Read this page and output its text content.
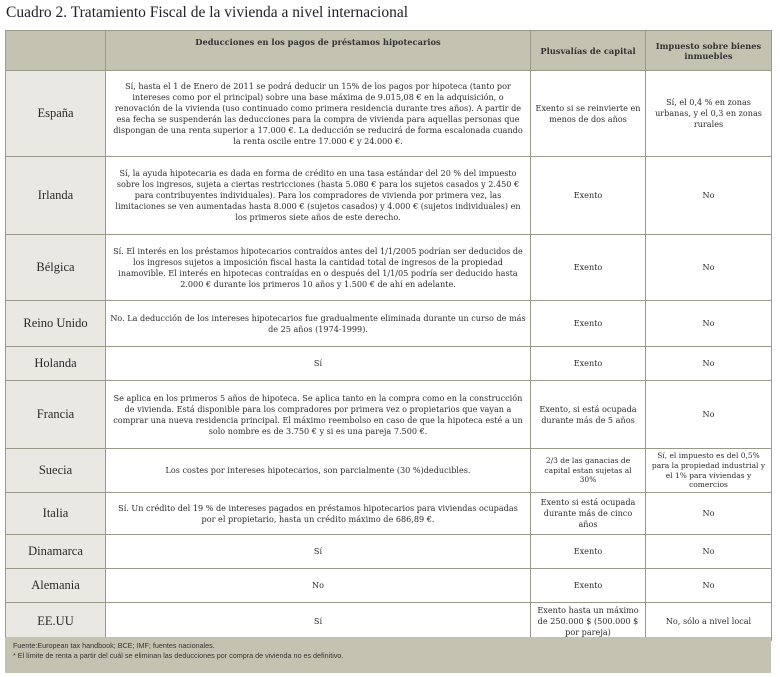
Cuadro 2. Tratamiento Fiscal de la vivienda a nivel internacional
	Deducciones en los pagos de préstamos hipotecarios	Plusvalías de capital	Impuesto sobre bienes inmuebles
España	Sí, hasta el 1 de Enero de 2011 se podrá deducir un 15% de los pagos por hipoteca (tanto por intereses como por el principal) sobre una base máxima de 9.015,08 € en la adquisición, o renovación de la vivienda (uso continuado como primera residencia durante tres años). A partir de esa fecha se suspenderán las deducciones para la compra de vivienda para aquellas personas que dispongan de una renta superior a 17.000 €. La deducción se reducirá de forma escalonada cuando la renta oscile entre 17.000 € y 24.000 €.	Exento si se reinvierte en menos de dos años	Sí, el 0,4 % en zonas urbanas, y el 0,3 en zonas rurales
Irlanda	Sí, la ayuda hipotecaria es dada en forma de crédito en una tasa estándar del 20 % del impuesto sobre los ingresos, sujeta a ciertas restricciones (hasta 5.080 € para los sujetos casados y 2.450 € para contribuyentes individuales). Para los compradores de vivienda por primera vez, las limitaciones se ven aumentadas hasta 8.000 € (sujetos casados) y 4.000 € (sujetos individuales) en los primeros siete años de este derecho.	Exento	No
Bélgica	Sí. El interés en los préstamos hipotecarios contraídos antes del 1/1/2005 podrían ser deducidos de los ingresos sujetos a imposición fiscal hasta la cantidad total de ingresos de la propiedad inamovible. El interés en hipotecas contraídas en o después del 1/1/05 podría ser deducido hasta 2.000 € durante los primeros 10 años y 1.500 € de ahí en adelante.	Exento	No
Reino Unido	No. La deducción de los intereses hipotecarios fue gradualmente eliminada durante un curso de más de 25 años (1974-1999).	Exento	No
Holanda	Sí	Exento	No
Francia	Se aplica en los primeros 5 años de hipoteca. Se aplica tanto en la compra como en la construcción de vivienda. Está disponible para los compradores por primera vez o propietarios que vayan a comprar una nueva residencia principal. El máximo reembolso en caso de que la hipoteca esté a un solo nombre es de 3.750 € y si es una pareja 7.500 €.	Exento, si está ocupada durante más de 5 años	No
Suecia	Los costes por intereses hipotecarios, son parcialmente (30 %)deducibles.	2/3 de las ganacias de capital estan sujetas al 30%	Sí, el impuesto es del 0,5% para la propiedad industrial y el 1% para viviendas y comercios
Italia	Sí. Un crédito del 19 % de intereses pagados en préstamos hipotecarios para viviendas ocupadas por el propietario, hasta un crédito máximo de 686,89 €.	Exento si está ocupada durante más de cinco años	No
Dinamarca	Sí	Exento	No
Alemania	No	Exento	No
EE.UU	Sí	Exento hasta un máximo de 250.000 $ (500.000 $ por pareja)	No, sólo a nivel local
Fuente:European tax handbook; BCE; IMF; fuentes nacionales.
* El límite de renta a partir del cuál se eliminan las deducciones por compra de vivienda no es definitivo.
